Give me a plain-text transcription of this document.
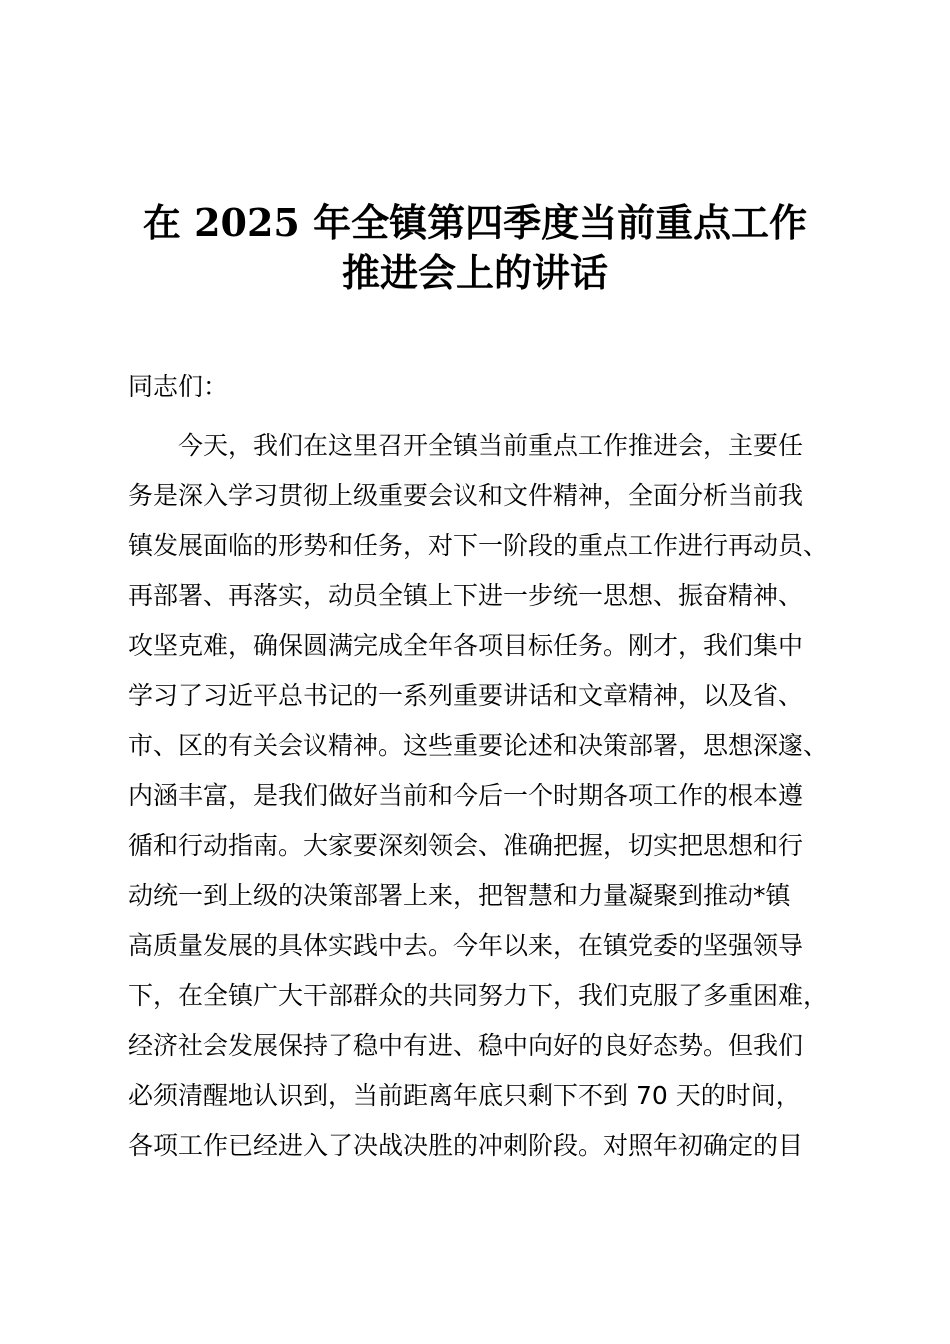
在 2025 年全镇第四季度当前重点工作
推进会上的讲话
同志们：
今天，我们在这里召开全镇当前重点工作推进会，主要任
务是深入学习贯彻上级重要会议和文件精神，全面分析当前我
镇发展面临的形势和任务，对下一阶段的重点工作进行再动员、
再部署、再落实，动员全镇上下进一步统一思想、振奋精神、
攻坚克难，确保圆满完成全年各项目标任务。刚才，我们集中
学习了习近平总书记的一系列重要讲话和文章精神，以及省、
市、区的有关会议精神。这些重要论述和决策部署，思想深邃、
内涵丰富，是我们做好当前和今后一个时期各项工作的根本遵
循和行动指南。大家要深刻领会、准确把握，切实把思想和行
动统一到上级的决策部署上来，把智慧和力量凝聚到推动*镇
高质量发展的具体实践中去。今年以来，在镇党委的坚强领导
下，在全镇广大干部群众的共同努力下，我们克服了多重困难，
经济社会发展保持了稳中有进、稳中向好的良好态势。但我们
必须清醒地认识到，当前距离年底只剩下不到 70 天的时间，
各项工作已经进入了决战决胜的冲刺阶段。对照年初确定的目
